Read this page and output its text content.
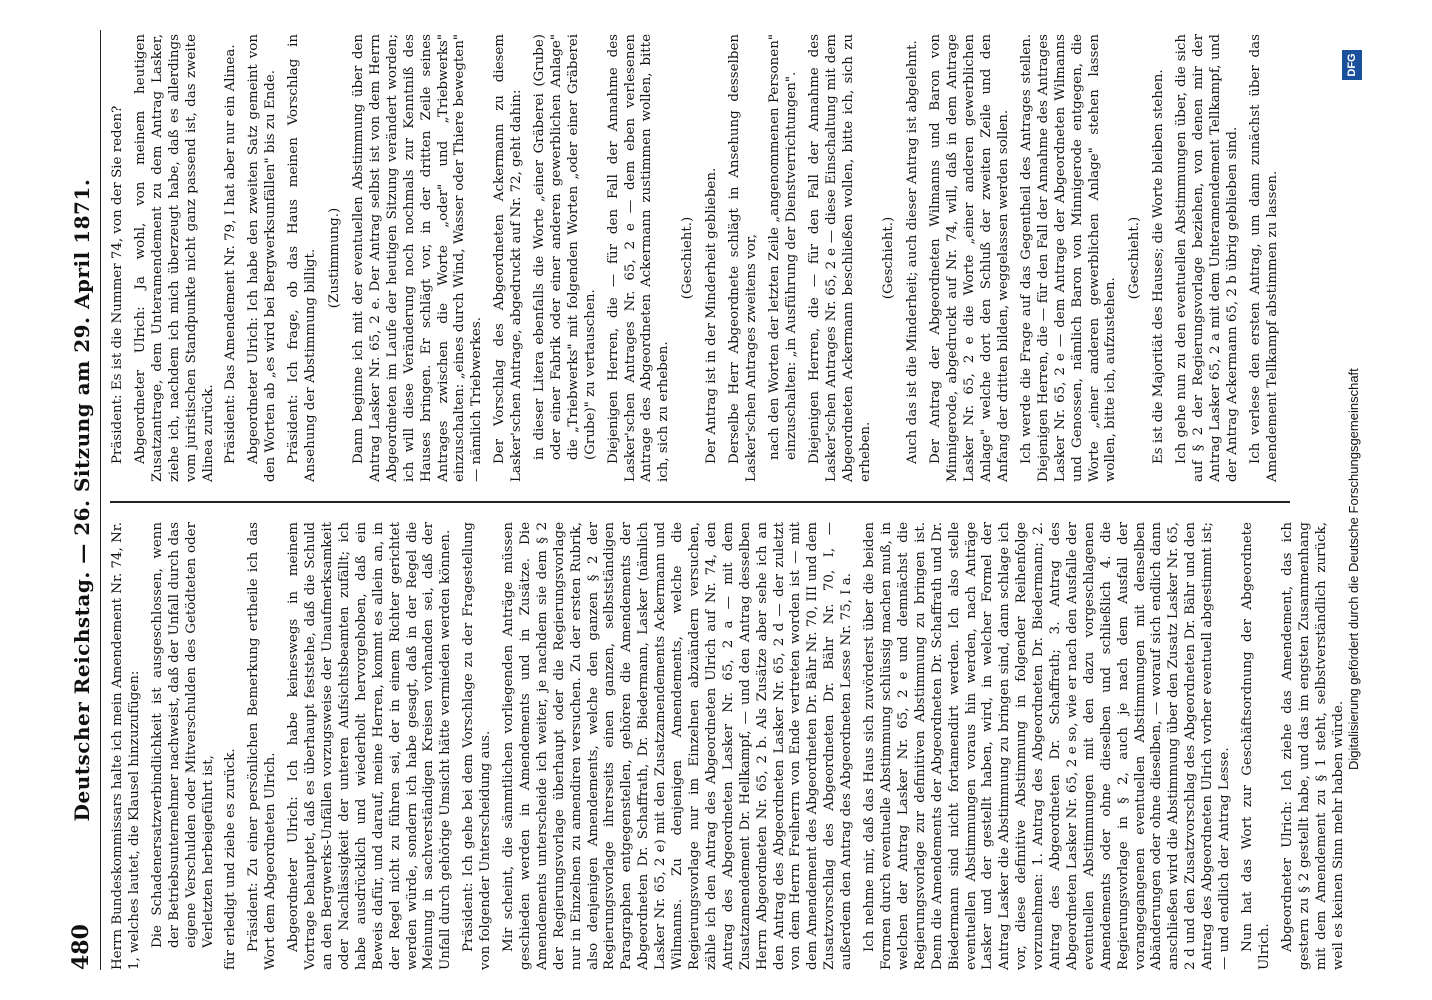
480
Deutscher Reichstag. — 26. Sitzung am 29. April 1871. Herrn Bundeskommissars halte ich mein Amendement Nr. 74, Nr. 1, welches lautet, die Klausel hinzuzufügen: Die Schadenersatzverbindlichkeit ist ausgeschlossen, wenn der Betriebsunternehmer nachweist, daß der Unfall durch das eigene Verschulden oder Mitverschulden des Getödteten oder Verletzten herbeigeführt ist, für erledigt und ziehe es zurück. Präsident: Zu einer persönlichen Bemerkung ertheile ich das Wort dem Abgeordneten Ulrich. Abgeordneter Ulrich: Ich habe keineswegs in meinem Vortrage behauptet, daß es überhaupt feststehe, daß die Schuld an den Bergwerks-Unfällen vorzugsweise der Unaufmerksamkeit oder Nachlässigkeit der unteren Aufsichtsbeamten zufällt; ich habe ausdrücklich und wiederholt hervorgehoben, daß ein Beweis dafür, und darauf, meine Herren, kommt es allein an, in der Regel nicht zu führen sei, der in einem Richter gerichtet werden würde, sondern ich habe gesagt, daß in der Regel die Meinung in sachverständigen Kreisen vorhanden sei, daß der Unfall durch gehörige Umsicht hätte vermieden werden können. Präsident: Ich gehe bei dem Vorschlage zu der Fragestellung von folgender Unterscheidung aus. Mir scheint, die sämmtlichen vorliegenden Anträge müssen geschieden werden in Amendements und in Zusätze. Die Amendements unterscheide ich weiter, je nachdem sie dem § 2 der Regierungsvorlage überhaupt oder die Regierungsvorlage nur in Einzelnen zu amendiren versuchen. Zu der ersten Rubrik, also denjenigen Amendements, welche den ganzen § 2 der Regierungsvorlage ihrerseits einen ganzen, selbstständigen Paragraphen entgegenstellen, gehören die Amendements der Abgeordneten Dr. Schaffrath, Dr. Biedermann, Lasker (nämlich Lasker Nr. 65, 2 e) mit den Zusatzamendements Ackermann und Wilmanns. Zu denjenigen Amendements, welche die Regierungsvorlage nur im Einzelnen abzuändern versuchen, zähle ich den Antrag des Abgeordneten Ulrich auf Nr. 74, den Antrag des Abgeordneten Lasker Nr. 65, 2 a — mit dem Zusatzamendement Dr. Hellkampf, — und den Antrag desselben Herrn Abgeordneten Nr. 65, 2 b. Als Zusätze aber sehe ich an den Antrag des Abgeordneten Lasker Nr. 65, 2 d — der zuletzt von dem Herrn Freiherrn von Ende vertreten worden ist — mit dem Amendement des Abgeordneten Dr. Bähr Nr. 70, III und dem Zusatzvorschlag des Abgeordneten Dr. Bähr Nr. 70, I, — außerdem den Antrag des Abgeordneten Lesse Nr. 75, I a. Ich nehme mir, daß das Haus sich zuvörderst über die beiden Formen durch eventuelle Abstimmung schlüssig machen muß, in welchen der Antrag Lasker Nr. 65, 2 e und demnächst die Regierungsvorlage zur definitiven Abstimmung zu bringen ist. Denn die Amendements der Abgeordneten Dr. Schaffrath und Dr. Biedermann sind nicht fortamendirt werden. Ich also stelle eventuellen Abstimmungen voraus hin werden, nach Anträge Lasker und der gestellt haben, wird, in welcher Formel der Antrag Lasker die Abstimmung zu bringen sind, dann schlage ich vor, diese definitive Abstimmung in folgender Reihenfolge vorzunehmen: 1. Antrag des Abgeordneten Dr. Biedermann; 2. Antrag des Abgeordneten Dr. Schaffrath; 3. Antrag des Abgeordneten Lasker Nr. 65, 2 e so, wie er nach den Ausfalle der eventuellen Abstimmungen mit den dazu vorgeschlagenen Amendements oder ohne dieselben und schließlich 4. die Regierungsvorlage in § 2, auch je nach dem Ausfall der vorangegangenen eventuellen Abstimmungen mit denselben Abänderungen oder ohne dieselben, — worauf sich endlich dann anschließen wird die Abstimmung über den Zusatz Lasker Nr. 65, 2 d und den Zusatzvorschlag des Abgeordneten Dr. Bähr und den Antrag des Abgeordneten Ulrich vorher eventuell abgestimmt ist; — und endlich der Antrag Lesse. Nun hat das Wort zur Geschäftsordnung der Abgeordnete Ulrich. Abgeordneter Ulrich: Ich ziehe das Amendement, das ich gestern zu § 2 gestellt habe, und das im engsten Zusammenhang mit dem Amendement zu § 1 steht, selbstverständlich zurück, weil es keinen Sinn mehr haben würde.

Präsident: Es ist die Nummer 74, von der Sie reden? Abgeordneter Ulrich: Ja wohl, von meinem heutigen Zusatzantrage, dem Unteramendement zu dem Antrag Lasker, ziehe ich, nachdem ich mich überzeugt habe, daß es allerdings vom juristischen Standpunkte nicht ganz passend ist, das zweite Alinea zurück. Präsident: Das Amendement Nr. 79, I hat aber nur ein Alinea. Abgeordneter Ulrich: Ich habe den zweiten Satz gemeint von den Worten ab „es wird bei Bergwerksunfällen" bis zu Ende. Präsident: Ich frage, ob das Haus meinen Vorschlag in Ansehung der Abstimmung billigt. (Zustimmung.) Dann beginne ich mit der eventuellen Abstimmung über den Antrag Lasker Nr. 65, 2 e. Der Antrag selbst ist von dem Herrn Abgeordneten im Laufe der heutigen Sitzung verändert worden; ich will diese Veränderung noch nochmals zur Kenntniß des Hauses bringen. Er schlägt vor, in der dritten Zeile seines Antrages zwischen die Worte „oder" und „Triebwerks" einzuschalten: „eines durch Wind, Wasser oder Thiere bewegten" — nämlich Triebwerkes. Der Vorschlag des Abgeordneten Ackermann zu diesem Lasker'schen Antrage, abgedruckt auf Nr. 72, geht dahin: in dieser Litera ebenfalls die Worte „einer Gräberei (Grube) oder einer Fabrik oder einer anderen gewerblichen Anlage" die „Triebwerks" mit folgenden Worten „oder einer Gräberei (Grube)" zu vertauschen. Diejenigen Herren, die — für den Fall der Annahme des Lasker'schen Antrages Nr. 65, 2 e — dem eben verlesenen Antrage des Abgeordneten Ackermann zustimmen wollen, bitte ich, sich zu erheben.

(Geschieht.) Der Antrag ist in der Minderheit geblieben. Derselbe Herr Abgeordnete schlägt in Ansehung desselben Lasker'schen Antrages zweitens vor, nach den Worten der letzten Zeile „angenommenen Personen" einzuschalten: „in Ausführung der Dienstverrichtungen". Diejenigen Herren, die — für den Fall der Annahme des Lasker'schen Antrages Nr. 65, 2 e — diese Einschaltung mit dem Abgeordneten Ackermann beschließen wollen, bitte ich, sich zu erheben.

(Geschieht.) Auch das ist die Minderheit; auch dieser Antrag ist abgelehnt. Der Antrag der Abgeordneten Wilmanns und Baron von Minnigerode, abgedruckt auf Nr. 74, will, daß in dem Antrage Lasker Nr. 65, 2 e die Worte „einer anderen gewerblichen Anlage" welche dort den Schluß der zweiten Zeile und den Anfang der dritten bilden, weggelassen werden sollen. Ich werde die Frage auf das Gegentheil des Antrages stellen. Diejenigen Herren, die — für den Fall der Annahme des Antrages Lasker Nr. 65, 2 e — dem Antrage der Abgeordneten Wilmanns und Genossen, nämlich Baron von Minnigerode entgegen, die Worte „einer anderen gewerblichen Anlage" stehen lassen wollen, bitte ich, aufzustehen.

(Geschieht.) Es ist die Majorität des Hauses; die Worte bleiben stehen. Ich gehe nun zu den eventuellen Abstimmungen über, die sich auf § 2 der Regierungsvorlage beziehen, von denen mir der Antrag Lasker 65, 2 a mit dem Unteramendement Tellkampf, und der Antrag Ackermann 65, 2 b übrig geblieben sind. Ich verlese den ersten Antrag, um dann zunächst über das Amendement Tellkampf abstimmen zu lassen.

Digitalisierung gefördert durch die Deutsche Forschungsgemeinschaft
DFG
